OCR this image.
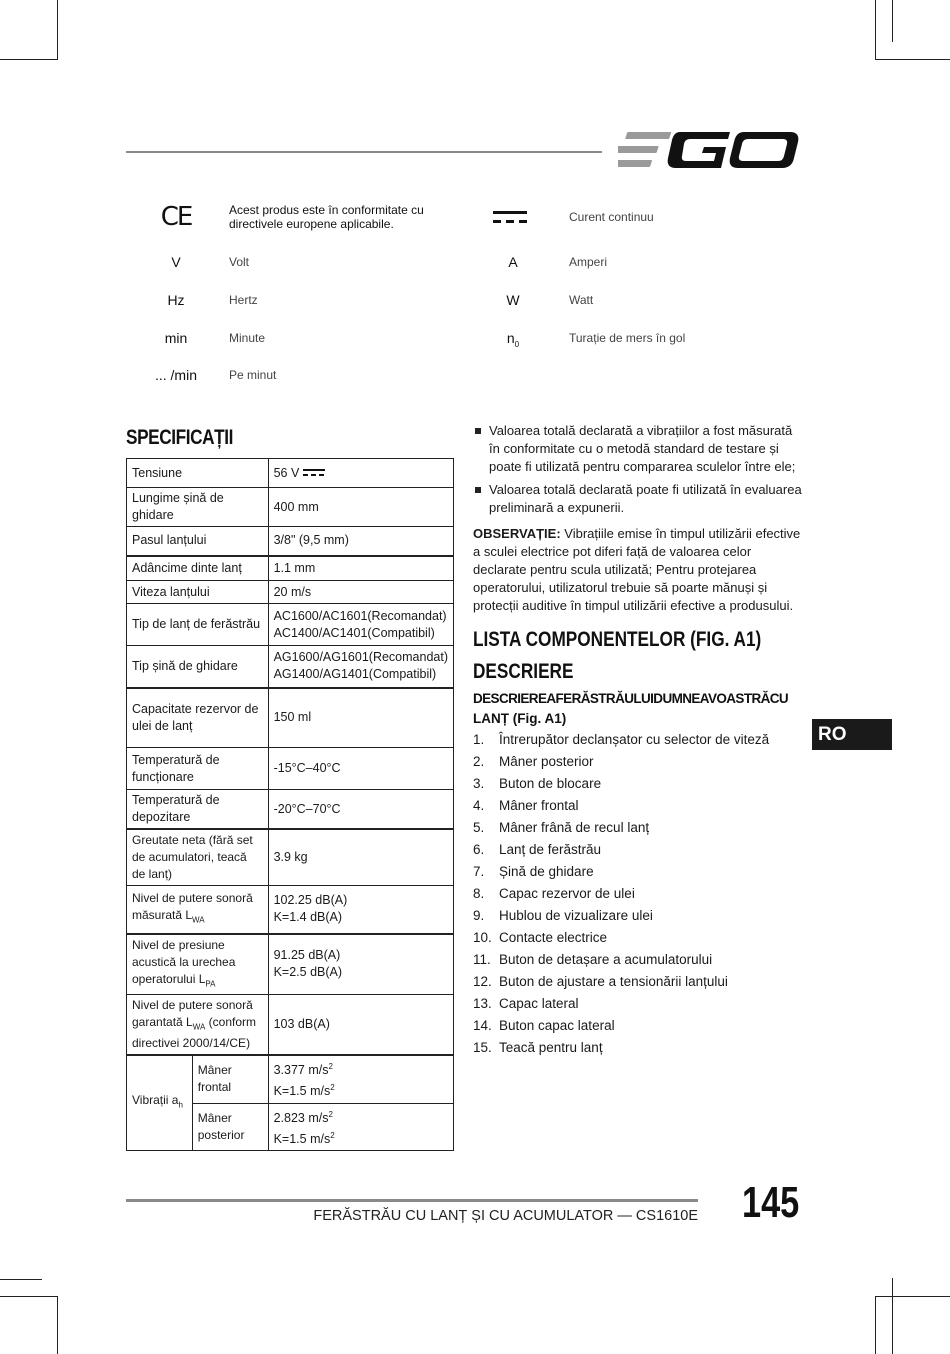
CE	Acest produs este în conformitate cu directivele europene aplicabile.
V	Volt
Hz	Hertz
min	Minute
... /min	Pe minut
Curent continuu
A	Amperi
W	Watt
$n_0$	Turație de mers în gol
SPECIFICAȚII
Tensiune		56 V

Lungime șină de ghidare		400 mm
Pasul lanțului		3/8" (9,5 mm)
Adâncime dinte lanț		1.1 mm
Viteza lanțului		20 m/s
Tip de lanț de ferăstrău		AC1600/AC1601(Recomandat)
AC1400/AC1401(Compatibil)

Tip șină de ghidare		AG1600/AG1601(Recomandat)
AG1400/AG1401(Compatibil)

Capacitate rezervor de ulei de lanț		150 ml
Temperatură de funcționare		-15°C–40°C
Temperatură de depozitare		-20°C–70°C
Greutate neta (fără set de acumulatori, teacă de lanț)		3.9 kg
Nivel de putere sonoră măsurată $L_{WA}$		102.25 dB(A)
K=1.4 dB(A)

Nivel de presiune acustică la urechea operatorului $L_{PA}$		91.25 dB(A)
K=2.5 dB(A)

Nivel de putere sonoră garantată $L_{WA}$ (conform directivei 2000/14/CE)		103 dB(A)
Vibrații $a_h$	Mâner frontal	3.377 $m/s^2$
K=1.5 $m/s^2$

	Mâner posterior	2.823 $m/s^2$
K=1.5 $m/s^2$
Valoarea totală declarată a vibrațiilor a fost măsurată în conformitate cu o metodă standard de testare și poate fi utilizată pentru compararea sculelor între ele;
Valoarea totală declarată poate fi utilizată în evaluarea preliminară a expunerii.
OBSERVAȚIE: Vibrațiile emise în timpul utilizării efective a sculei electrice pot diferi față de valoarea celor declarate pentru scula utilizată; Pentru protejarea operatorului, utilizatorul trebuie să poarte mănuși și protecții auditive în timpul utilizării efective a produsului.
LISTA COMPONENTELOR (FIG. A1)
DESCRIERE
DESCRIEREAFERĂSTRĂULUIDUMNEAVOASTRĂCU
LANȚ (Fig. A1)
1.	Întrerupător declanșator cu selector de viteză
2.	Mâner posterior
3.	Buton de blocare
4.	Mâner frontal
5.	Mâner frână de recul lanț
6.	Lanț de ferăstrău
7.	Șină de ghidare
8.	Capac rezervor de ulei
9.	Hublou de vizualizare ulei
10. Contacte electrice
11. Buton de detașare a acumulatorului
12. Buton de ajustare a tensionării lanțului
13. Capac lateral
14. Buton capac lateral
15. Teacă pentru lanț
RO
FERĂSTRĂU CU LANȚ ȘI CU ACUMULATOR — CS1610E 145
